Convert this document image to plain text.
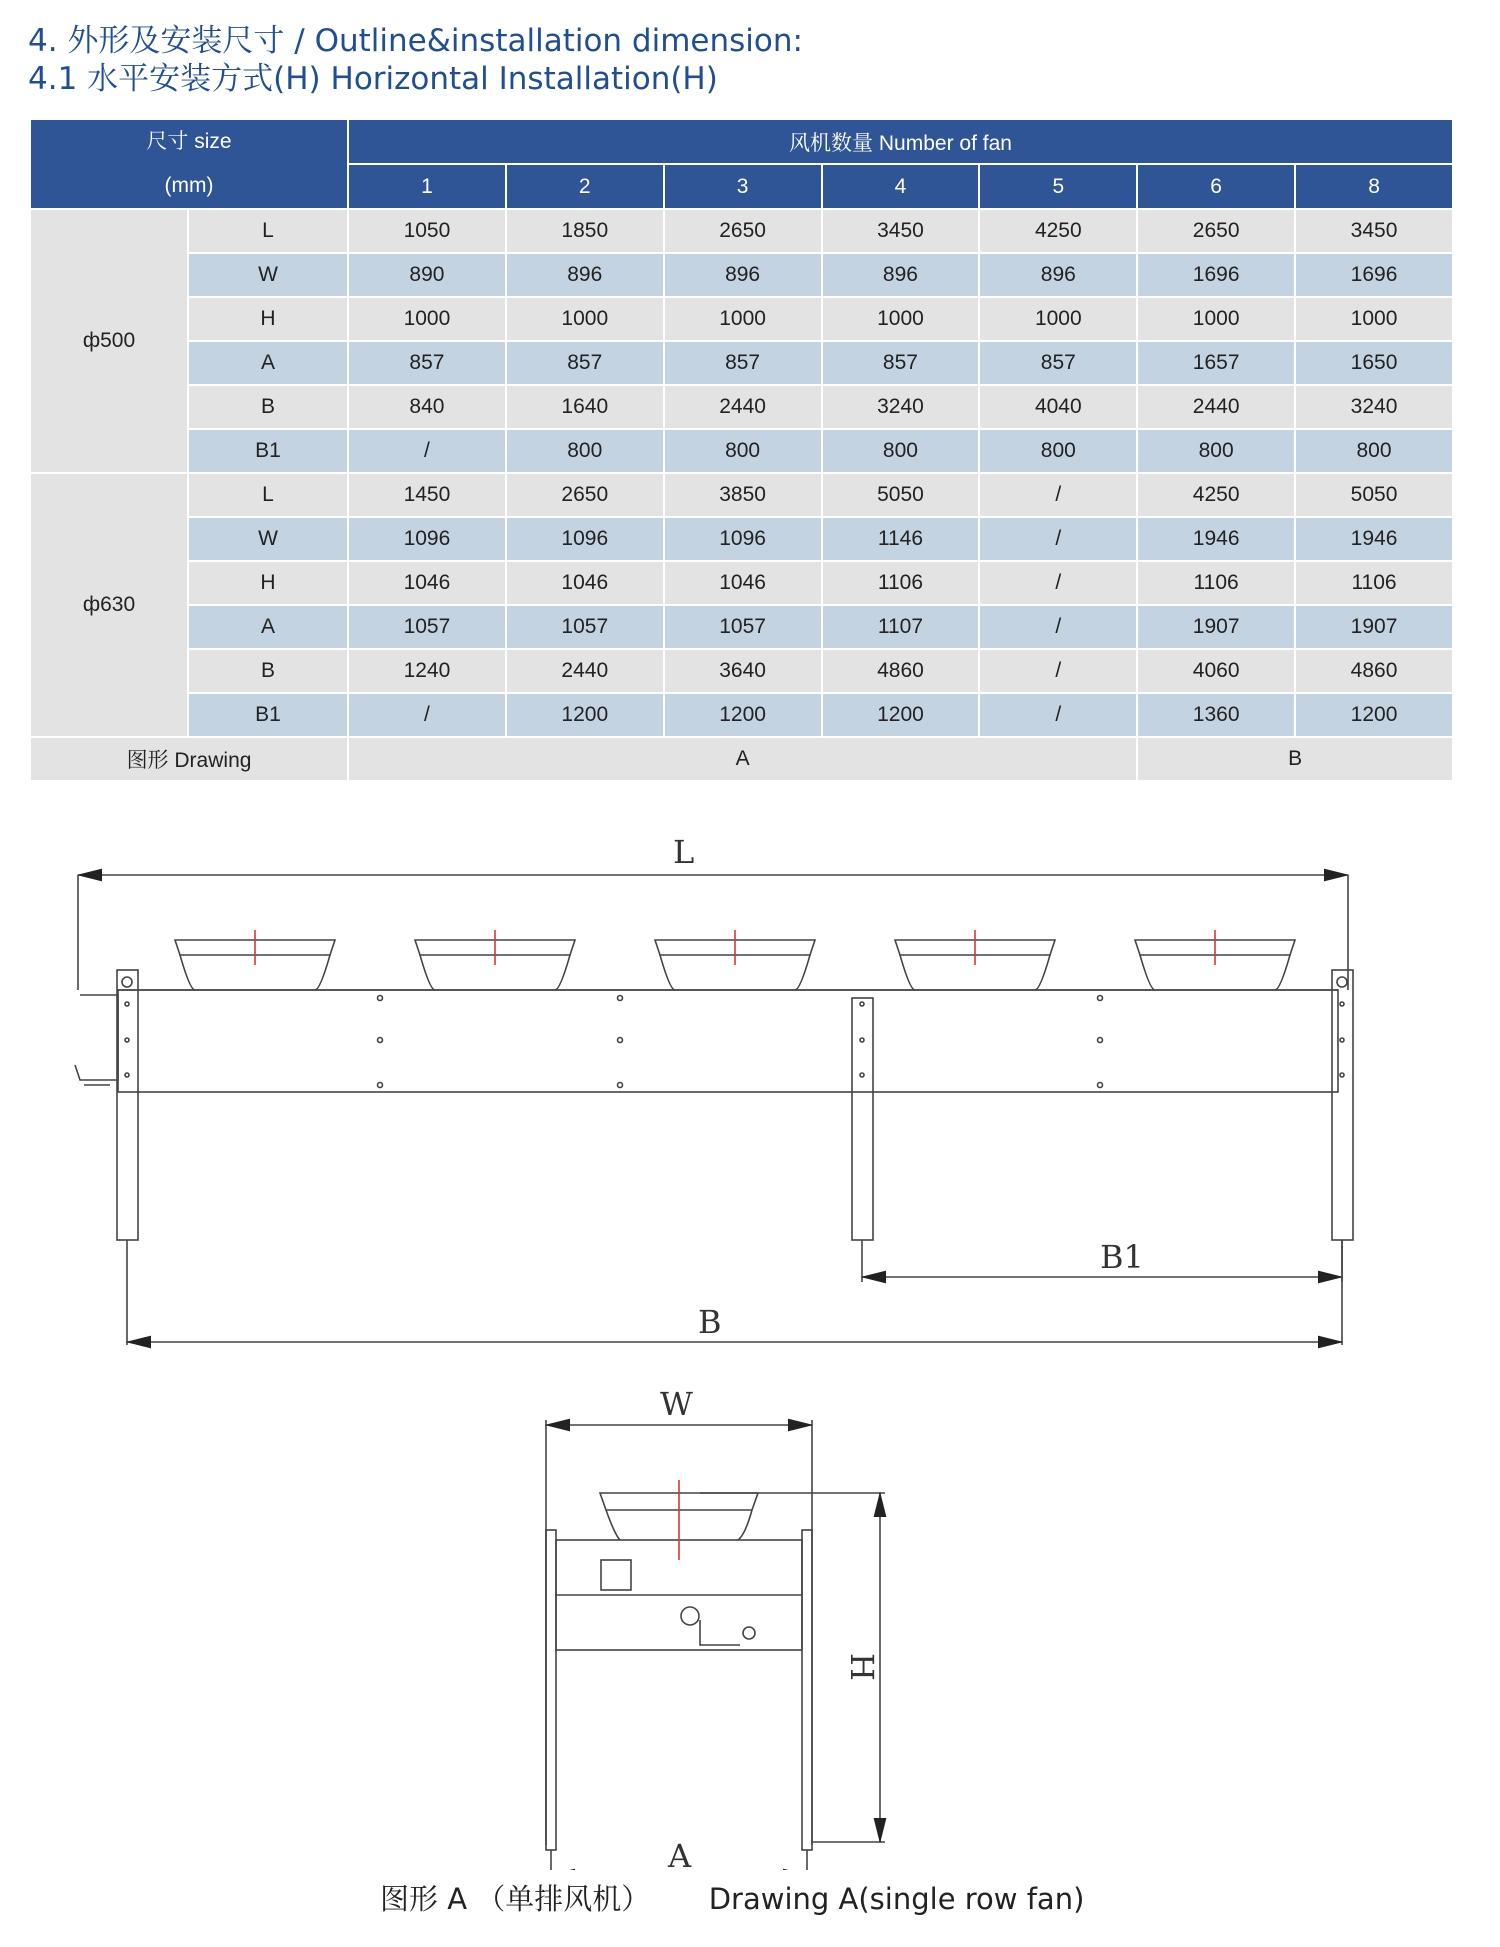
4. 外形及安装尺寸 / Outline&installation dimension:
4.1 水平安装方式(H) Horizontal Installation(H)
尺寸 size
(mm)		风机数量 Number of fan						
		1	2	3	4	5	6	8
ф500	L	1050	1850	2650	3450	4250	2650	3450
	W	890	896	896	896	896	1696	1696
	H	1000	1000	1000	1000	1000	1000	1000
	A	857	857	857	857	857	1657	1650
	B	840	1640	2440	3240	4040	2440	3240
	B1	/	800	800	800	800	800	800
ф630	L	1450	2650	3850	5050	/	4250	5050
	W	1096	1096	1096	1146	/	1946	1946
	H	1046	1046	1046	1106	/	1106	1106
	A	1057	1057	1057	1107	/	1907	1907
	B	1240	2440	3640	4860	/	4060	4860
	B1	/	1200	1200	1200	/	1360	1200
图形 Drawing		A					B	
L
B1
B
W
H
A
图形 A （单排风机） Drawing A(single row fan)
